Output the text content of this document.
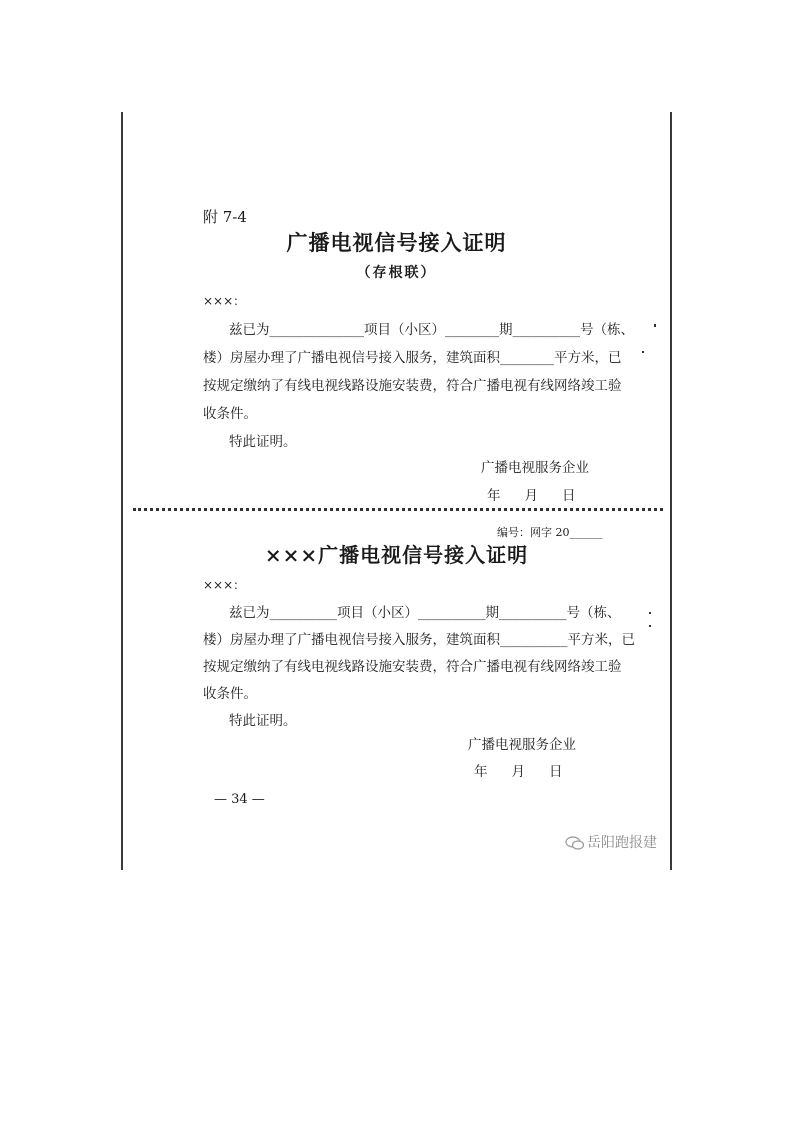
附 7-4
广播电视信号接入证明
（存根联）
×××：
兹已为______________项目（小区）________期__________号（栋、
楼）房屋办理了广播电视信号接入服务，建筑面积________平方米，已
按规定缴纳了有线电视线路设施安装费，符合广播电视有线网络竣工验
收条件。
特此证明。
广播电视服务企业
年 月 日
编号：网字 20______
×××广播电视信号接入证明
×××：
兹已为__________项目（小区）__________期__________号（栋、
楼）房屋办理了广播电视信号接入服务，建筑面积__________平方米，已
按规定缴纳了有线电视线路设施安装费，符合广播电视有线网络竣工验
收条件。
特此证明。
广播电视服务企业
年 月 日
— 34 —
岳阳跑报建
